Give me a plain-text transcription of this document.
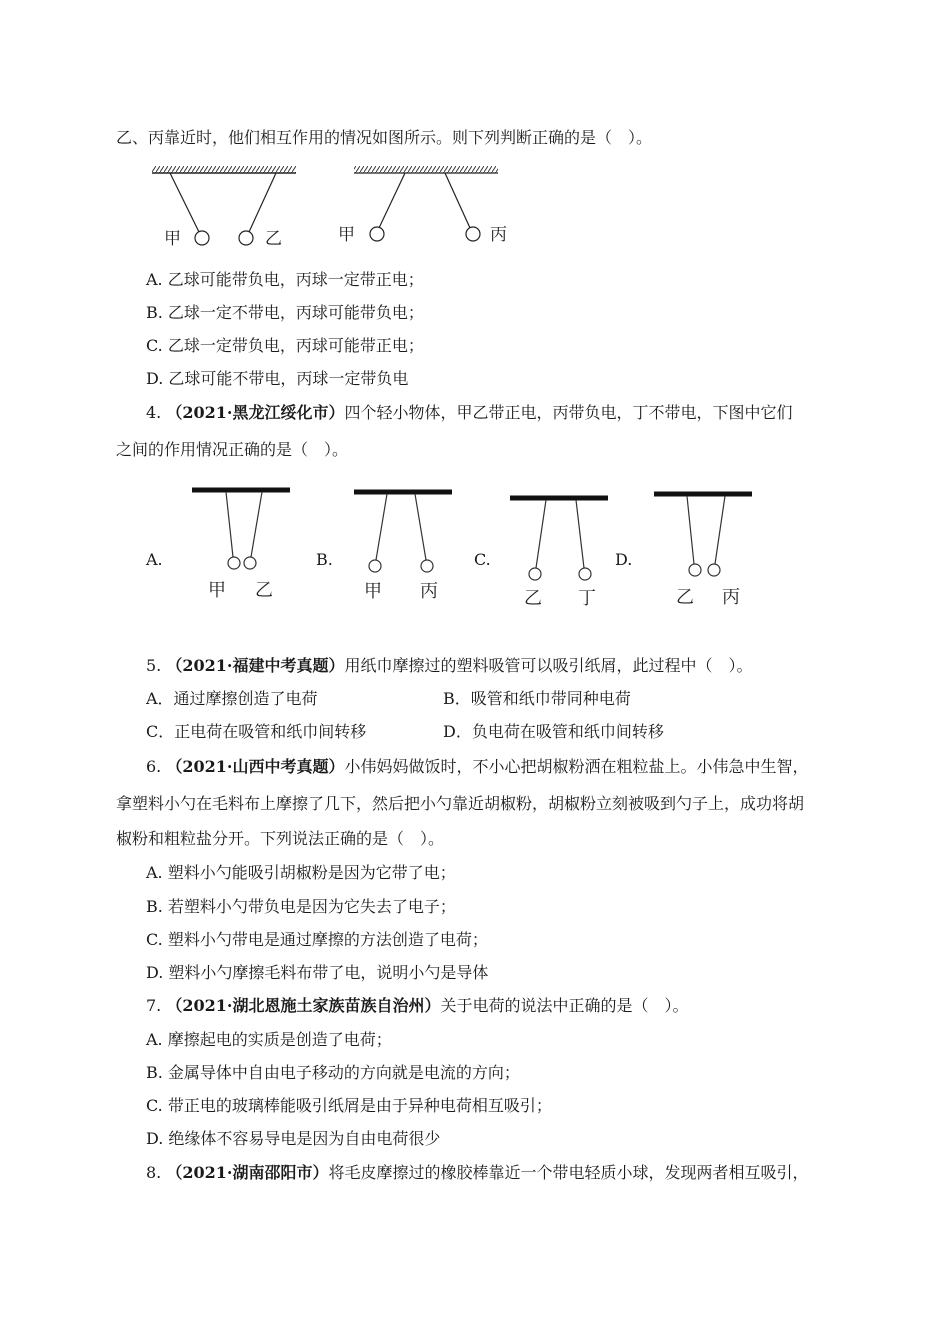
乙、丙靠近时，他们相互作用的情况如图所示。则下列判断正确的是（　）。
甲	乙	甲	丙
A. 乙球可能带负电，丙球一定带正电；
B. 乙球一定不带电，丙球可能带负电；
C. 乙球一定带负电，丙球可能带正电；
D. 乙球可能不带电，丙球一定带负电
4. （2021·黑龙江绥化市）四个轻小物体，甲乙带正电，丙带负电，丁不带电，下图中它们
之间的作用情况正确的是（　）。
A.
甲 乙
B.
甲 丙
C.
乙 丁
D.
乙 丙
5. （2021·福建中考真题）用纸巾摩擦过的塑料吸管可以吸引纸屑，此过程中（　）。
A．通过摩擦创造了电荷	B．吸管和纸巾带同种电荷
C．正电荷在吸管和纸巾间转移	D．负电荷在吸管和纸巾间转移
6. （2021·山西中考真题）小伟妈妈做饭时，不小心把胡椒粉洒在粗粒盐上。小伟急中生智，
拿塑料小勺在毛料布上摩擦了几下，然后把小勺靠近胡椒粉，胡椒粉立刻被吸到勺子上，成功将胡
椒粉和粗粒盐分开。下列说法正确的是（　）。
A. 塑料小勺能吸引胡椒粉是因为它带了电；
B. 若塑料小勺带负电是因为它失去了电子；
C. 塑料小勺带电是通过摩擦的方法创造了电荷；
D. 塑料小勺摩擦毛料布带了电，说明小勺是导体
7. （2021·湖北恩施土家族苗族自治州）关于电荷的说法中正确的是（　）。
A. 摩擦起电的实质是创造了电荷；
B. 金属导体中自由电子移动的方向就是电流的方向；
C. 带正电的玻璃棒能吸引纸屑是由于异种电荷相互吸引；
D. 绝缘体不容易导电是因为自由电荷很少
8. （2021·湖南邵阳市）将毛皮摩擦过的橡胶棒靠近一个带电轻质小球，发现两者相互吸引，
